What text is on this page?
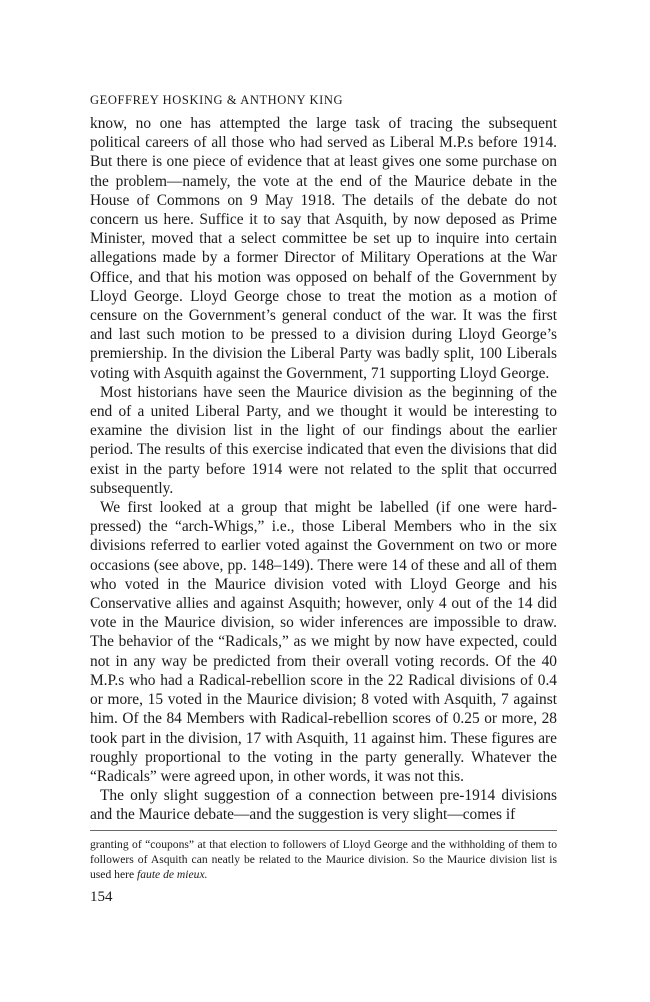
GEOFFREY HOSKING & ANTHONY KING

know, no one has attempted the large task of tracing the subsequent political careers of all those who had served as Liberal M.P.s before 1914. But there is one piece of evidence that at least gives one some purchase on the problem—namely, the vote at the end of the Maurice debate in the House of Commons on 9 May 1918. The details of the debate do not concern us here. Suffice it to say that Asquith, by now deposed as Prime Minister, moved that a select committee be set up to inquire into certain allegations made by a former Director of Military Operations at the War Office, and that his motion was opposed on behalf of the Government by Lloyd George. Lloyd George chose to treat the motion as a motion of censure on the Government’s general conduct of the war. It was the first and last such motion to be pressed to a division during Lloyd George’s premiership. In the division the Liberal Party was badly split, 100 Liberals voting with Asquith against the Government, 71 supporting Lloyd George.

Most historians have seen the Maurice division as the beginning of the end of a united Liberal Party, and we thought it would be interesting to examine the division list in the light of our findings about the earlier period. The results of this exercise indicated that even the divisions that did exist in the party before 1914 were not related to the split that occurred subsequently.

We first looked at a group that might be labelled (if one were hard-pressed) the “arch-Whigs,” i.e., those Liberal Members who in the six divisions referred to earlier voted against the Government on two or more occasions (see above, pp. 148–149). There were 14 of these and all of them who voted in the Maurice division voted with Lloyd George and his Conservative allies and against Asquith; however, only 4 out of the 14 did vote in the Maurice division, so wider inferences are impossible to draw. The behavior of the “Radicals,” as we might by now have expected, could not in any way be predicted from their overall voting records. Of the 40 M.P.s who had a Radical-rebellion score in the 22 Radical divisions of 0.4 or more, 15 voted in the Maurice division; 8 voted with Asquith, 7 against him. Of the 84 Members with Radical-rebellion scores of 0.25 or more, 28 took part in the division, 17 with Asquith, 11 against him. These figures are roughly proportional to the voting in the party generally. Whatever the “Radicals” were agreed upon, in other words, it was not this.

The only slight suggestion of a connection between pre-1914 divisions and the Maurice debate—and the suggestion is very slight—comes if

granting of “coupons” at that election to followers of Lloyd George and the withholding of them to followers of Asquith can neatly be related to the Maurice division. So the Maurice division list is used here faute de mieux.

154
